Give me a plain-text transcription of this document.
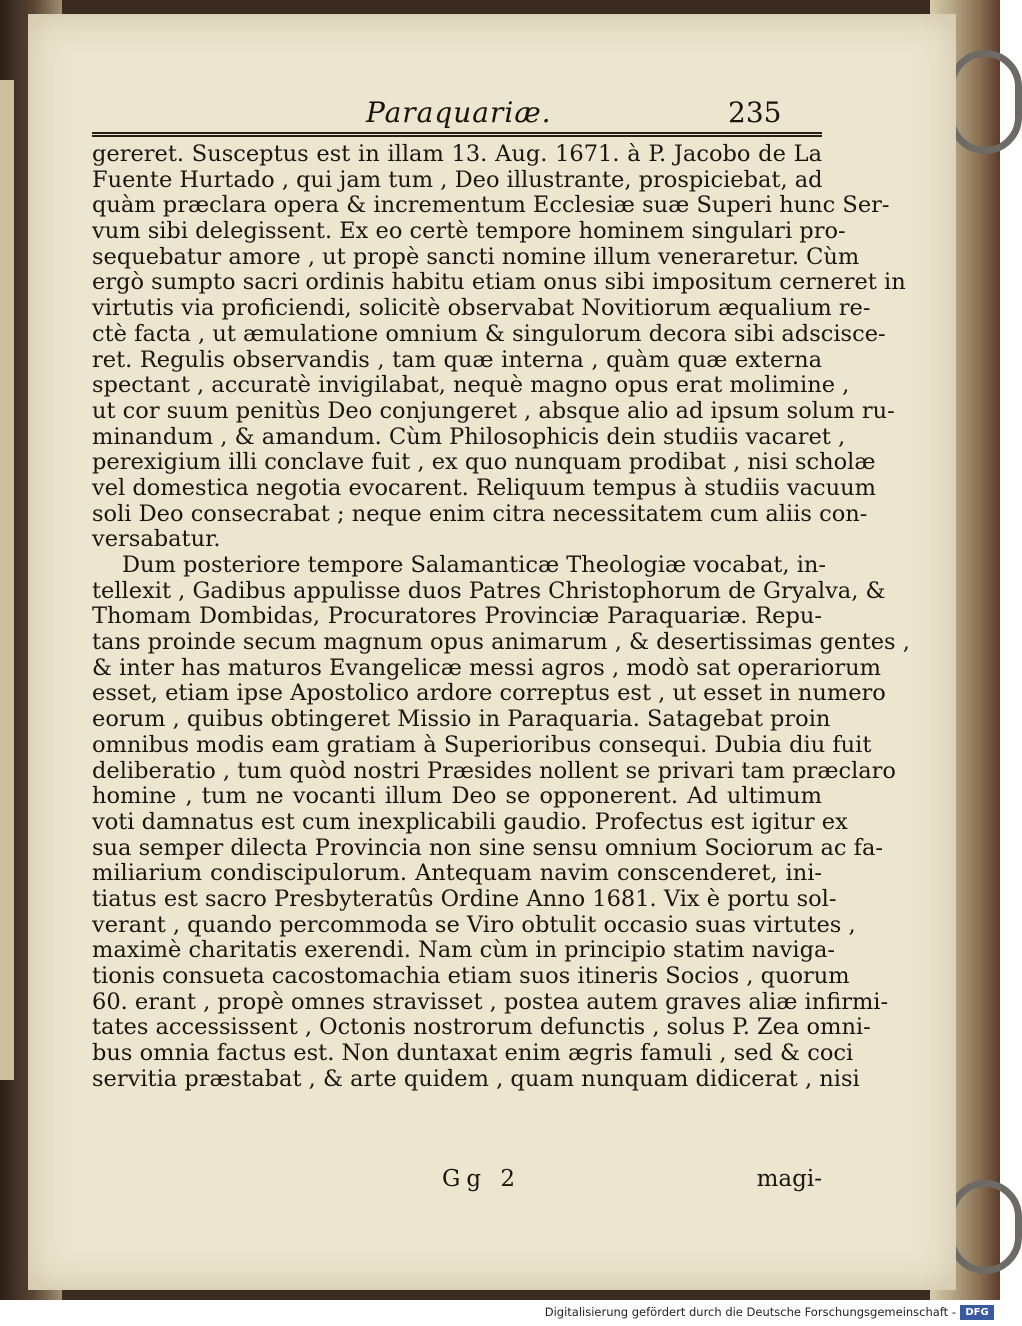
Paraquariæ.	235
gereret. Susceptus est in illam 13. Aug. 1671. à P. Jacobo de La
Fuente Hurtado , qui jam tum , Deo illustrante, prospiciebat, ad
quàm præclara opera & incrementum Ecclesiæ suæ Superi hunc Ser-
vum sibi delegissent. Ex eo certè tempore hominem singulari pro-
sequebatur amore , ut propè sancti nomine illum veneraretur. Cùm
ergò sumpto sacri ordinis habitu etiam onus sibi impositum cerneret in
virtutis via proficiendi, solicitè observabat Novitiorum æqualium re-
ctè facta , ut æmulatione omnium & singulorum decora sibi adscisce-
ret. Regulis observandis , tam quæ interna , quàm quæ externa
spectant , accuratè invigilabat, nequè magno opus erat molimine ,
ut cor suum penitùs Deo conjungeret , absque alio ad ipsum solum ru-
minandum , & amandum. Cùm Philosophicis dein studiis vacaret ,
perexigium illi conclave fuit , ex quo nunquam prodibat , nisi scholæ
vel domestica negotia evocarent. Reliquum tempus à studiis vacuum
soli Deo consecrabat ; neque enim citra necessitatem cum aliis con-
versabatur.
Dum posteriore tempore Salamanticæ Theologiæ vocabat, in-
tellexit , Gadibus appulisse duos Patres Christophorum de Gryalva, &
Thomam Dombidas, Procuratores Provinciæ Paraquariæ. Repu-
tans proinde secum magnum opus animarum , & desertissimas gentes ,
& inter has maturos Evangelicæ messi agros , modò sat operariorum
esset, etiam ipse Apostolico ardore correptus est , ut esset in numero
eorum , quibus obtingeret Missio in Paraquaria. Satagebat proin
omnibus modis eam gratiam à Superioribus consequi. Dubia diu fuit
deliberatio , tum quòd nostri Præsides nollent se privari tam præclaro
homine , tum ne vocanti illum Deo se opponerent. Ad ultimum
voti damnatus est cum inexplicabili gaudio. Profectus est igitur ex
sua semper dilecta Provincia non sine sensu omnium Sociorum ac fa-
miliarium condiscipulorum. Antequam navim conscenderet, ini-
tiatus est sacro Presbyteratûs Ordine Anno 1681. Vix è portu sol-
verant , quando percommoda se Viro obtulit occasio suas virtutes ,
maximè charitatis exerendi. Nam cùm in principio statim naviga-
tionis consueta cacostomachia etiam suos itineris Socios , quorum
60. erant , propè omnes stravisset , postea autem graves aliæ infirmi-
tates accessissent , Octonis nostrorum defunctis , solus P. Zea omni-
bus omnia factus est. Non duntaxat enim ægris famuli , sed & coci
servitia præstabat , & arte quidem , quam nunquam didicerat , nisi
Gg 2	magi-
Digitalisierung gefördert durch die Deutsche Forschungsgemeinschaft - DFG
